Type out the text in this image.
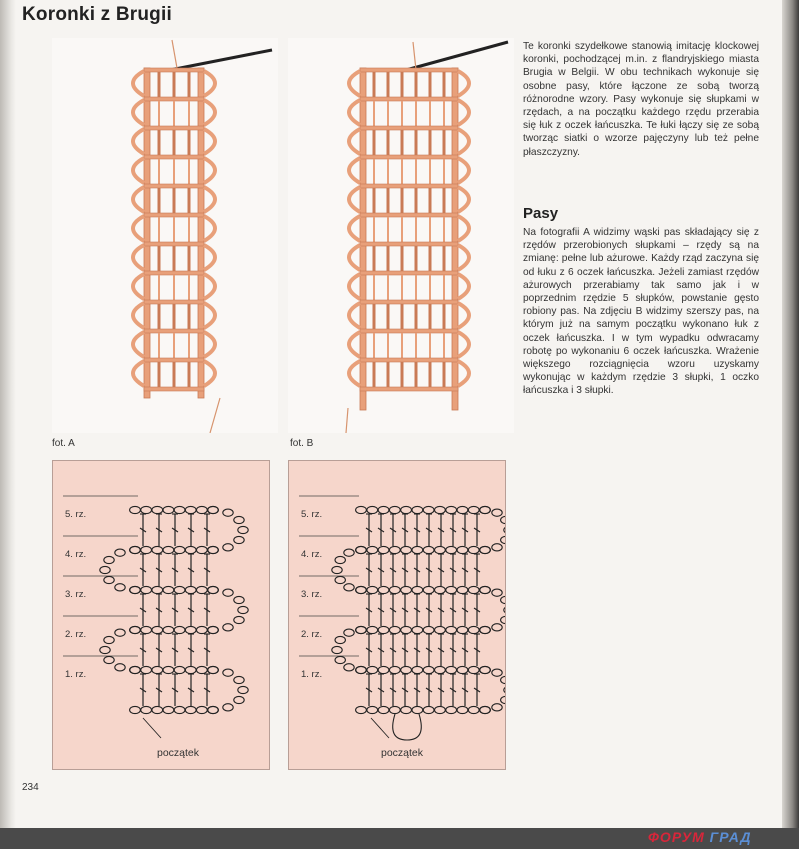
Koronki z Brugii
fot. A	fot. B
Te koronki szydełkowe stanowią imitację klockowej koronki, pochodzącej m.in. z flandryjskiego miasta Brugia w Belgii. W obu technikach wykonuje się osobne pasy, które łączone ze sobą tworzą różnorodne wzory. Pasy wykonuje się słupkami w rzędach, a na początku każdego rzędu przerabia się łuk z oczek łańcuszka. Te łuki łączy się ze sobą tworząc siatki o wzorze pajęczyny lub też pełne płaszczyzny.
Pasy
Na fotografii A widzimy wąski pas składający się z rzędów przerobionych słupkami – rzędy są na zmianę: pełne lub ażurowe. Każdy rząd zaczyna się od łuku z 6 oczek łańcuszka. Jeżeli zamiast rzędów ażurowych przerabiamy tak samo jak i w poprzednim rzędzie 5 słupków, powstanie gęsto robiony pas. Na zdjęciu B widzimy szerszy pas, na którym już na samym początku wykonano łuk z oczek łańcuszka. I w tym wypadku odwracamy robotę po wykonaniu 6 oczek łańcuszka. Wrażenie większego rozciągnięcia wzoru uzyskamy wykonując w każdym rzędzie 3 słupki, 1 oczko łańcuszka i 3 słupki.
5. rz.
4. rz.
3. rz.
2. rz.
1. rz.
początek
5. rz.
4. rz.
3. rz.
2. rz.
1. rz.
początek
234
ФОРУМ ГРАД
